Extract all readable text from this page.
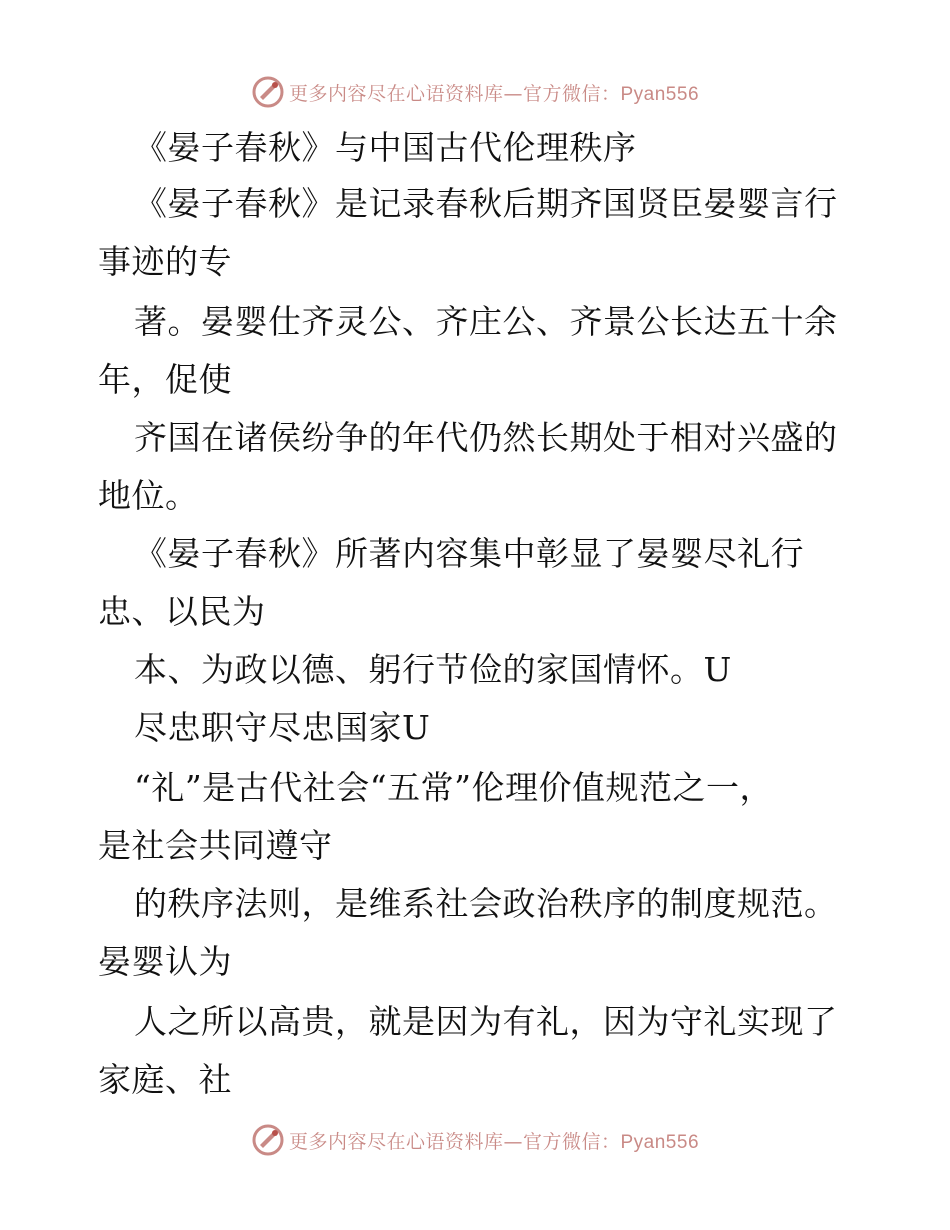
更多内容尽在心语资料库—官方微信：Pyan556
《晏子春秋》与中国古代伦理秩序
《晏子春秋》是记录春秋后期齐国贤臣晏婴言行
事迹的专
著。晏婴仕齐灵公、齐庄公、齐景公长达五十余
年，促使
齐国在诸侯纷争的年代仍然长期处于相对兴盛的
地位。
《晏子春秋》所著内容集中彰显了晏婴尽礼行
忠、以民为
本、为政以德、躬行节俭的家国情怀。U
尽忠职守尽忠国家U
“礼”是古代社会“五常”伦理价值规范之一，
是社会共同遵守
的秩序法则，是维系社会政治秩序的制度规范。
晏婴认为
人之所以高贵，就是因为有礼，因为守礼实现了
家庭、社
更多内容尽在心语资料库—官方微信：Pyan556
